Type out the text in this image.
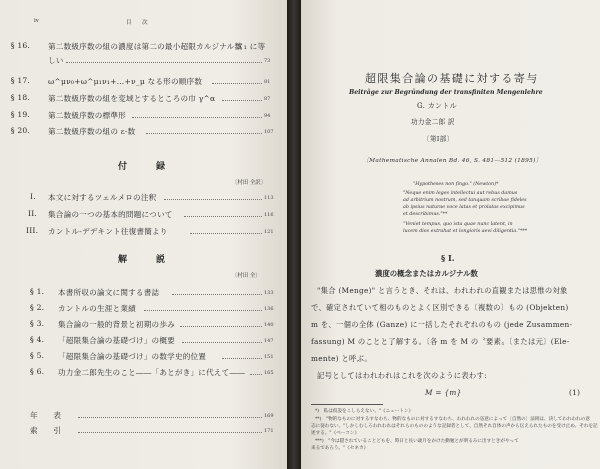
iv	目　　次
§ 16. 第二数級序数の組の濃度は第二の最小超限カルジナル数
ℵ₁ に等
しい	73
§ 17. ω^μν₀+ω^μ₁ν₁+…+ν_μ なる形の順序数	81
§ 18. 第二数級序数の組を変域とするところの巾 γ^α	87
§ 19. 第二数級序数の標準形	94
§ 20. 第二数級序数の組の ε-数	107
付　録
〔村田 全訳〕
I. 本文に対するツェルメロの注釈	113
II. 集合論の一つの基本的問題について	116
III. カントル-デデキント往復書簡より	121
解　説
〔村田 全〕
§ 1. 本書所収の論文に関する書誌	133
§ 2. カントルの生涯と業績	136
§ 3. 集合論の一般的背景と初期の歩み	140
§ 4. 「超限集合論の基礎づけ」の概要	147
§ 5. 「超限集合論の基礎づけ」の数学史的位置	151
§ 6. 功力金二郎先生のこと――「あとがき」に代えて――	165
年　　表	169
索　　引	171
超限集合論の基礎に対する寄与
Beiträge zur Begründung der transfiniten Mengenlehre
G. カントル
功力金二郎 訳
〔第Ⅰ部〕
〔Mathematische Annalen Bd. 46, S. 481―512 (1895)〕
"Hypotheses non fingo." (Newton)*
"Neque enim leges intellectui aut rebus damus
ad arbitrium nostrum, sed tanquam scribae fideles
ab ipsius naturae voce latas et prolatas excipimus
et describimus."**
"Veniet tempus, quo ista quae nunc latent, in
lucem dies extrahat et longioris aevi diligentia."***
§ I.
濃度の概念またはカルジナル数
"集合 (Menge)" と言うとき、それは、われわれの直観または思惟の対象
で、確定されていて相のものとよく区別できる〔複数の〕もの (Objekten)
m を、一個の全体 (Ganze) に一括したそれぞれのもの (jede Zusammen-
fassung) M のことと了解する。〔各 m を M の〝要素〟〔または元〕(Ele-
mente) と呼ぶ。
記号としてはわれわれはこれを次のように表わす:
M = {m}	(1)
*)　私は仮設をこしらえない。"《ニュートン》
**)　"物的なものに対するすなわち、物的なものに対するすなわち、われわれの恣意によって〔自然の〕法則は、決してわれわれの意
志に従わない。"しかしむしろわれわれはそれらのもののような記録者として、自然それ自体の声から伝えられたものを受け止め、それを記
述する。"《ベーコン》
***)　"今は隠されていることどもを、時日と長い歳月をかけた勤勉とが明るみに出すときがやって
来るであろう。"《セネカ》
